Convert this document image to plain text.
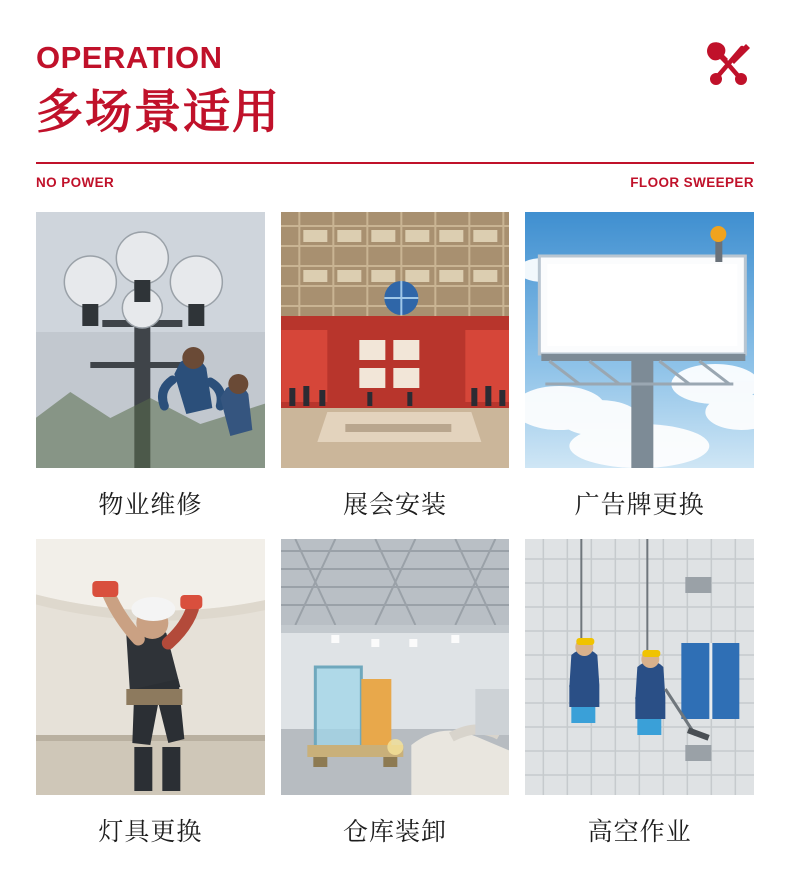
OPERATION
多场景适用
NO POWER	FLOOR SWEEPER
物业维修	展会安装	广告牌更换
灯具更换	仓库装卸	高空作业
